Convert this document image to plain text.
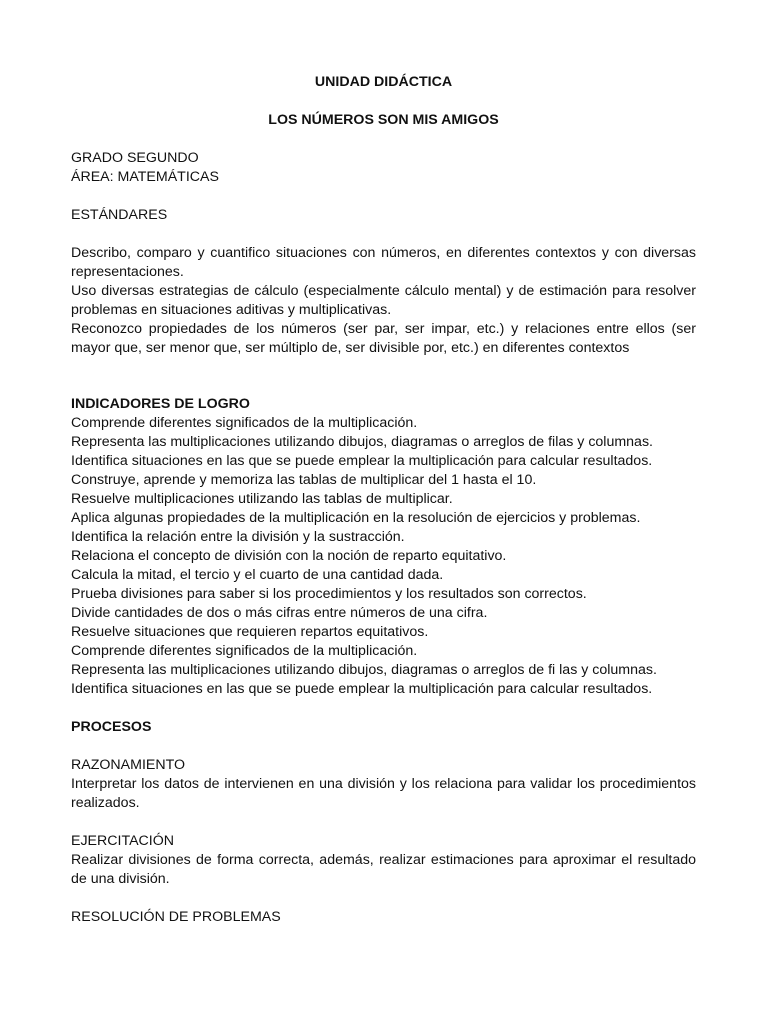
UNIDAD DIDÁCTICA

LOS NÚMEROS SON MIS AMIGOS

GRADO SEGUNDO

ÁREA: MATEMÁTICAS

ESTÁNDARES

Describo, comparo y cuantifico situaciones con números, en diferentes contextos y con diversas representaciones.

Uso diversas estrategias de cálculo (especialmente cálculo mental) y de estimación para resolver problemas en situaciones aditivas y multiplicativas.

Reconozco propiedades de los números (ser par, ser impar, etc.) y relaciones entre ellos (ser mayor que, ser menor que, ser múltiplo de, ser divisible por, etc.) en diferentes contextos

INDICADORES DE LOGRO

Comprende diferentes significados de la multiplicación.
Representa las multiplicaciones utilizando dibujos, diagramas o arreglos de filas y columnas.
Identifica situaciones en las que se puede emplear la multiplicación para calcular resultados.
Construye, aprende y memoriza las tablas de multiplicar del 1 hasta el 10.
Resuelve multiplicaciones utilizando las tablas de multiplicar.
Aplica algunas propiedades de la multiplicación en la resolución de ejercicios y problemas.
Identifica la relación entre la división y la sustracción.
Relaciona el concepto de división con la noción de reparto equitativo.
Calcula la mitad, el tercio y el cuarto de una cantidad dada.
Prueba divisiones para saber si los procedimientos y los resultados son correctos.
Divide cantidades de dos o más cifras entre números de una cifra.
Resuelve situaciones que requieren repartos equitativos.
Comprende diferentes significados de la multiplicación.
Representa las multiplicaciones utilizando dibujos, diagramas o arreglos de fi las y columnas.
Identifica situaciones en las que se puede emplear la multiplicación para calcular resultados.

PROCESOS

RAZONAMIENTO

Interpretar los datos de intervienen en una división y los relaciona para validar los procedimientos realizados.

EJERCITACIÓN

Realizar divisiones de forma correcta, además, realizar estimaciones para aproximar el resultado de una división.

RESOLUCIÓN DE PROBLEMAS
